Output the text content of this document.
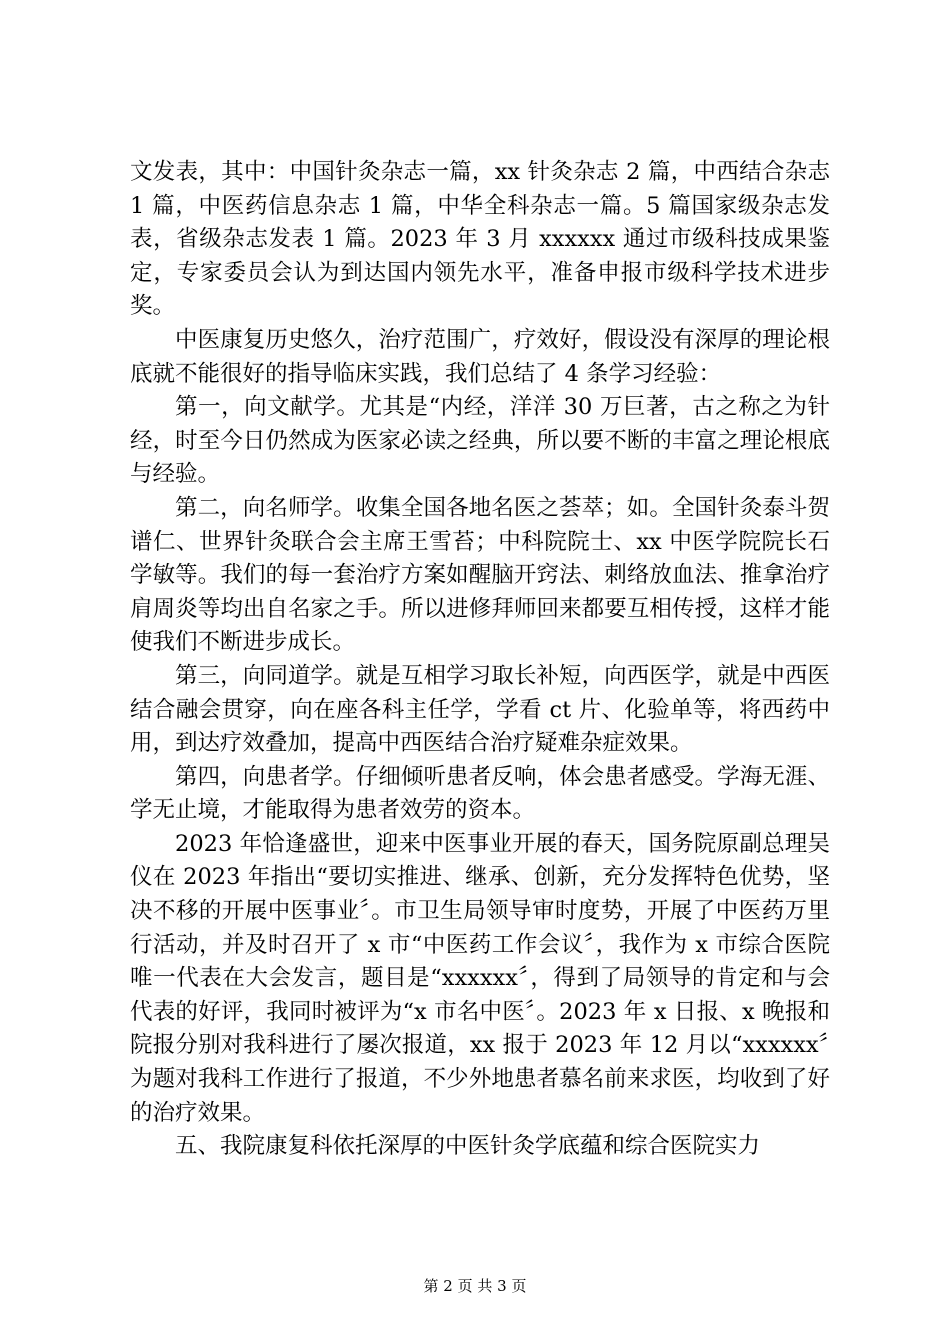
文发表，其中：中国针灸杂志一篇，xx 针灸杂志 2 篇，中西结合杂志 1 篇，中医药信息杂志 1 篇，中华全科杂志一篇。5 篇国家级杂志发表，省级杂志发表 1 篇。2023 年 3 月 xxxxxx 通过市级科技成果鉴定，专家委员会认为到达国内领先水平，准备申报市级科学技术进步奖。

中医康复历史悠久，治疗范围广，疗效好，假设没有深厚的理论根底就不能很好的指导临床实践，我们总结了 4 条学习经验：

第一，向文献学。尤其是“内经，洋洋 30 万巨著，古之称之为针经，时至今日仍然成为医家必读之经典，所以要不断的丰富之理论根底与经验。

第二，向名师学。收集全国各地名医之荟萃；如。全国针灸泰斗贺谱仁、世界针灸联合会主席王雪苔；中科院院士、xx 中医学院院长石学敏等。我们的每一套治疗方案如醒脑开窍法、刺络放血法、推拿治疗肩周炎等均出自名家之手。所以进修拜师回来都要互相传授，这样才能使我们不断进步成长。

第三，向同道学。就是互相学习取长补短，向西医学，就是中西医结合融会贯穿，向在座各科主任学，学看 ct 片、化验单等，将西药中用，到达疗效叠加，提高中西医结合治疗疑难杂症效果。

第四，向患者学。仔细倾听患者反响，体会患者感受。学海无涯、学无止境，才能取得为患者效劳的资本。

2023 年恰逢盛世，迎来中医事业开展的春天，国务院原副总理吴仪在 2023 年指出“要切实推进、继承、创新，充分发挥特色优势，坚决不移的开展中医事业〞。市卫生局领导审时度势，开展了中医药万里行活动，并及时召开了 x 市“中医药工作会议〞，我作为 x 市综合医院唯一代表在大会发言，题目是“xxxxxx〞，得到了局领导的肯定和与会代表的好评，我同时被评为“x 市名中医〞。2023 年 x 日报、x 晚报和院报分别对我科进行了屡次报道，xx 报于 2023 年 12 月以“xxxxxx〞为题对我科工作进行了报道，不少外地患者慕名前来求医，均收到了好的治疗效果。

五、我院康复科依托深厚的中医针灸学底蕴和综合医院实力

第 2 页 共 3 页
